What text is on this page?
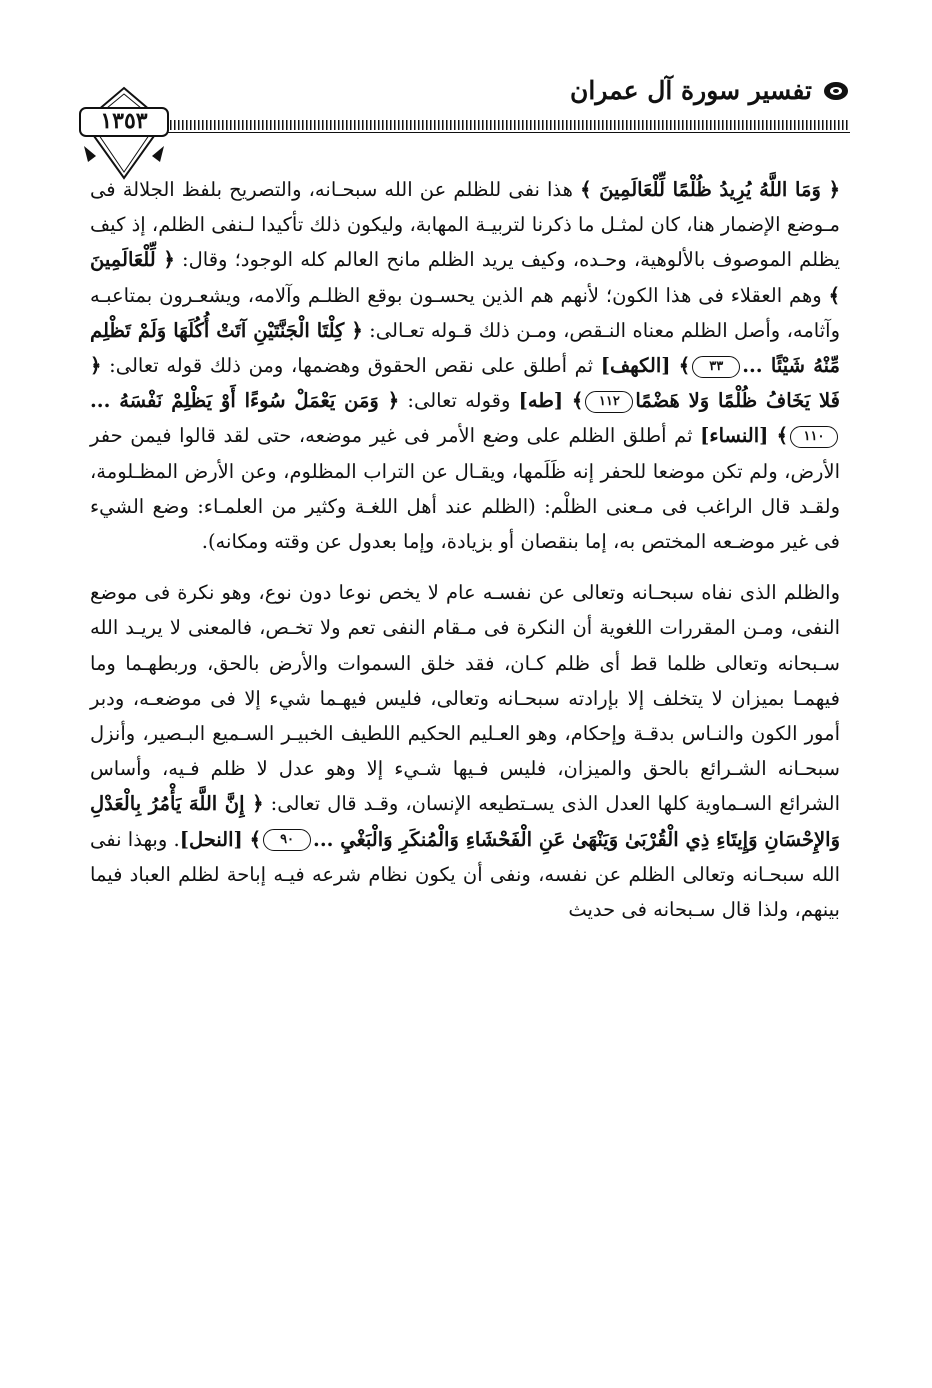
تفسير سورة آل عمران
١٣٥٣

﴿ وَمَا اللَّهُ يُرِيدُ ظُلْمًا لِّلْعَالَمِينَ ﴾ هذا نفى للظلم عن الله سبحـانه، والتصريح بلفظ الجلالة فى مـوضع الإضمار هنا، كان لمثـل ما ذكرنا لتربيـة المهابة، وليكون ذلك تأكيدا لـنفى الظلم، إذ كيف يظلم الموصوف بالألوهية، وحـده، وكيف يريد الظلم مانح العالم كله الوجود؛ وقال: ﴿ لِّلْعَالَمِينَ ﴾ وهم العقلاء فى هذا الكون؛ لأنهم هم الذين يحسـون بوقع الظلـم وآلامه، ويشعـرون بمتاعبـه وآثامه، وأصل الظلم معناه النـقص، ومـن ذلك قـوله تعـالى: ﴿ كِلْتَا الْجَنَّتَيْنِ آتَتْ أُكُلَهَا وَلَمْ تَظْلِم مِّنْهُ شَيْئًا ...٣٣﴾ [الكهف] ثم أطلق على نقص الحقوق وهضمها، ومن ذلك قوله تعالى: ﴿ فَلا يَخَافُ ظُلْمًا وَلا هَضْمًا١١٢﴾ [طه] وقوله تعالى: ﴿ وَمَن يَعْمَلْ سُوءًا أَوْ يَظْلِمْ نَفْسَهُ ...١١٠﴾ [النساء] ثم أطلق الظلم على وضع الأمر فى غير موضعه، حتى لقد قالوا فيمن حفر الأرض، ولم تكن موضعا للحفر إنه ظَلَمها، ويقـال عن التراب المظلوم، وعن الأرض المظـلومة، ولقـد قال الراغب فى مـعنى الظلْم: (الظلم عند أهل اللغـة وكثير من العلمـاء: وضع الشيء فى غير موضـعه المختص به، إما بنقصان أو بزيادة، وإما بعدول عن وقته ومكانه).

والظلم الذى نفاه سبحـانه وتعالى عن نفسـه عام لا يخص نوعا دون نوع، وهو نكرة فى موضع النفى، ومـن المقررات اللغوية أن النكرة فى مـقام النفى تعم ولا تخـص، فالمعنى لا يريـد الله سـبحانه وتعالى ظلما قط أى ظلم كـان، فقد خلق السموات والأرض بالحق، وربطهـما وما فيهمـا بميزان لا يتخلف إلا بإرادته سبحـانه وتعالى، فليس فيهـما شيء إلا فى موضعـه، ودبر أمور الكون والنـاس بدقـة وإحكام، وهو العـليم الحكيم اللطيف الخبيـر السـميع البـصير، وأنزل سبحـانه الشـرائع بالحق والميزان، فليس فـيها شـيء إلا وهو عدل لا ظلم فـيه، وأساس الشرائع السـماوية كلها العدل الذى يسـتطيعه الإنسان، وقـد قال تعالى: ﴿ إِنَّ اللَّهَ يَأْمُرُ بِالْعَدْلِ وَالإِحْسَانِ وَإِيتَاءِ ذِي الْقُرْبَىٰ وَيَنْهَىٰ عَنِ الْفَحْشَاءِ وَالْمُنكَرِ وَالْبَغْيِ ...٩٠﴾ [النحل]. وبهذا نفى الله سبحـانه وتعالى الظلم عن نفسه، ونفى أن يكون نظام شرعه فيـه إباحة لظلم العباد فيما بينهم، ولذا قال سـبحانه فى حديث
